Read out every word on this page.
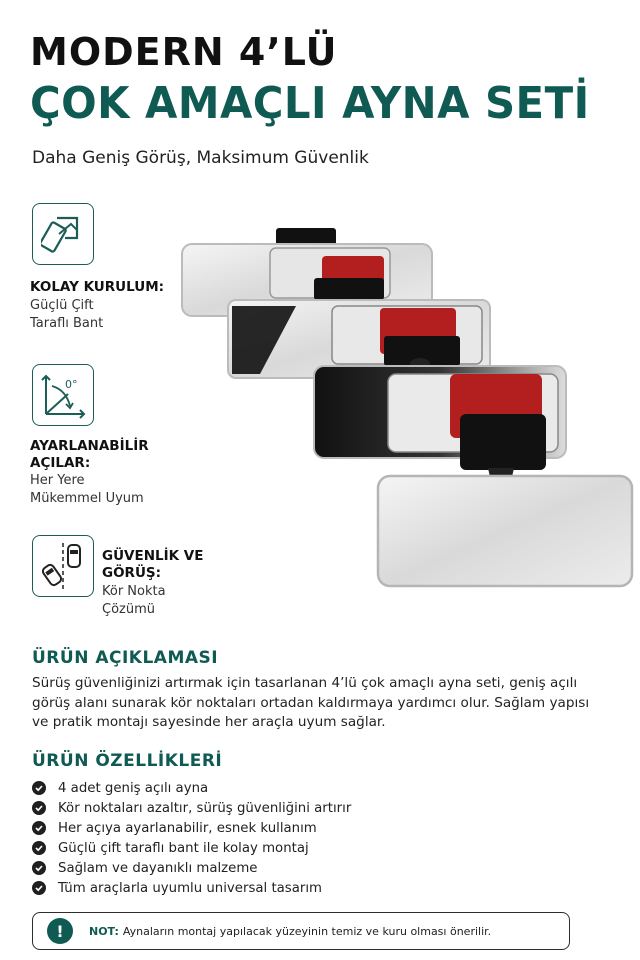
MODERN 4’LÜ
ÇOK AMAÇLI AYNA SETİ
Daha Geniş Görüş, Maksimum Güvenlik
KOLAY KURULUM:
Güçlü Çift
Taraflı Bant
0°
AYARLANABİLİR
AÇILAR:
Her Yere
Mükemmel Uyum
GÜVENLİK VE
GÖRÜŞ:
Kör Nokta
Çözümü
ÜRÜN AÇIKLAMASI
Sürüş güvenliğinizi artırmak için tasarlanan 4’lü çok amaçlı ayna seti, geniş açılı görüş alanı sunarak kör noktaları ortadan kaldırmaya yardımcı olur. Sağlam yapısı ve pratik montajı sayesinde her araçla uyum sağlar.
ÜRÜN ÖZELLİKLERİ
4 adet geniş açılı ayna
Kör noktaları azaltır, sürüş güvenliğini artırır
Her açıya ayarlanabilir, esnek kullanım
Güçlü çift taraflı bant ile kolay montaj
Sağlam ve dayanıklı malzeme
Tüm araçlarla uyumlu universal tasarım
!	NOT: Aynaların montaj yapılacak yüzeyinin temiz ve kuru olması önerilir.
